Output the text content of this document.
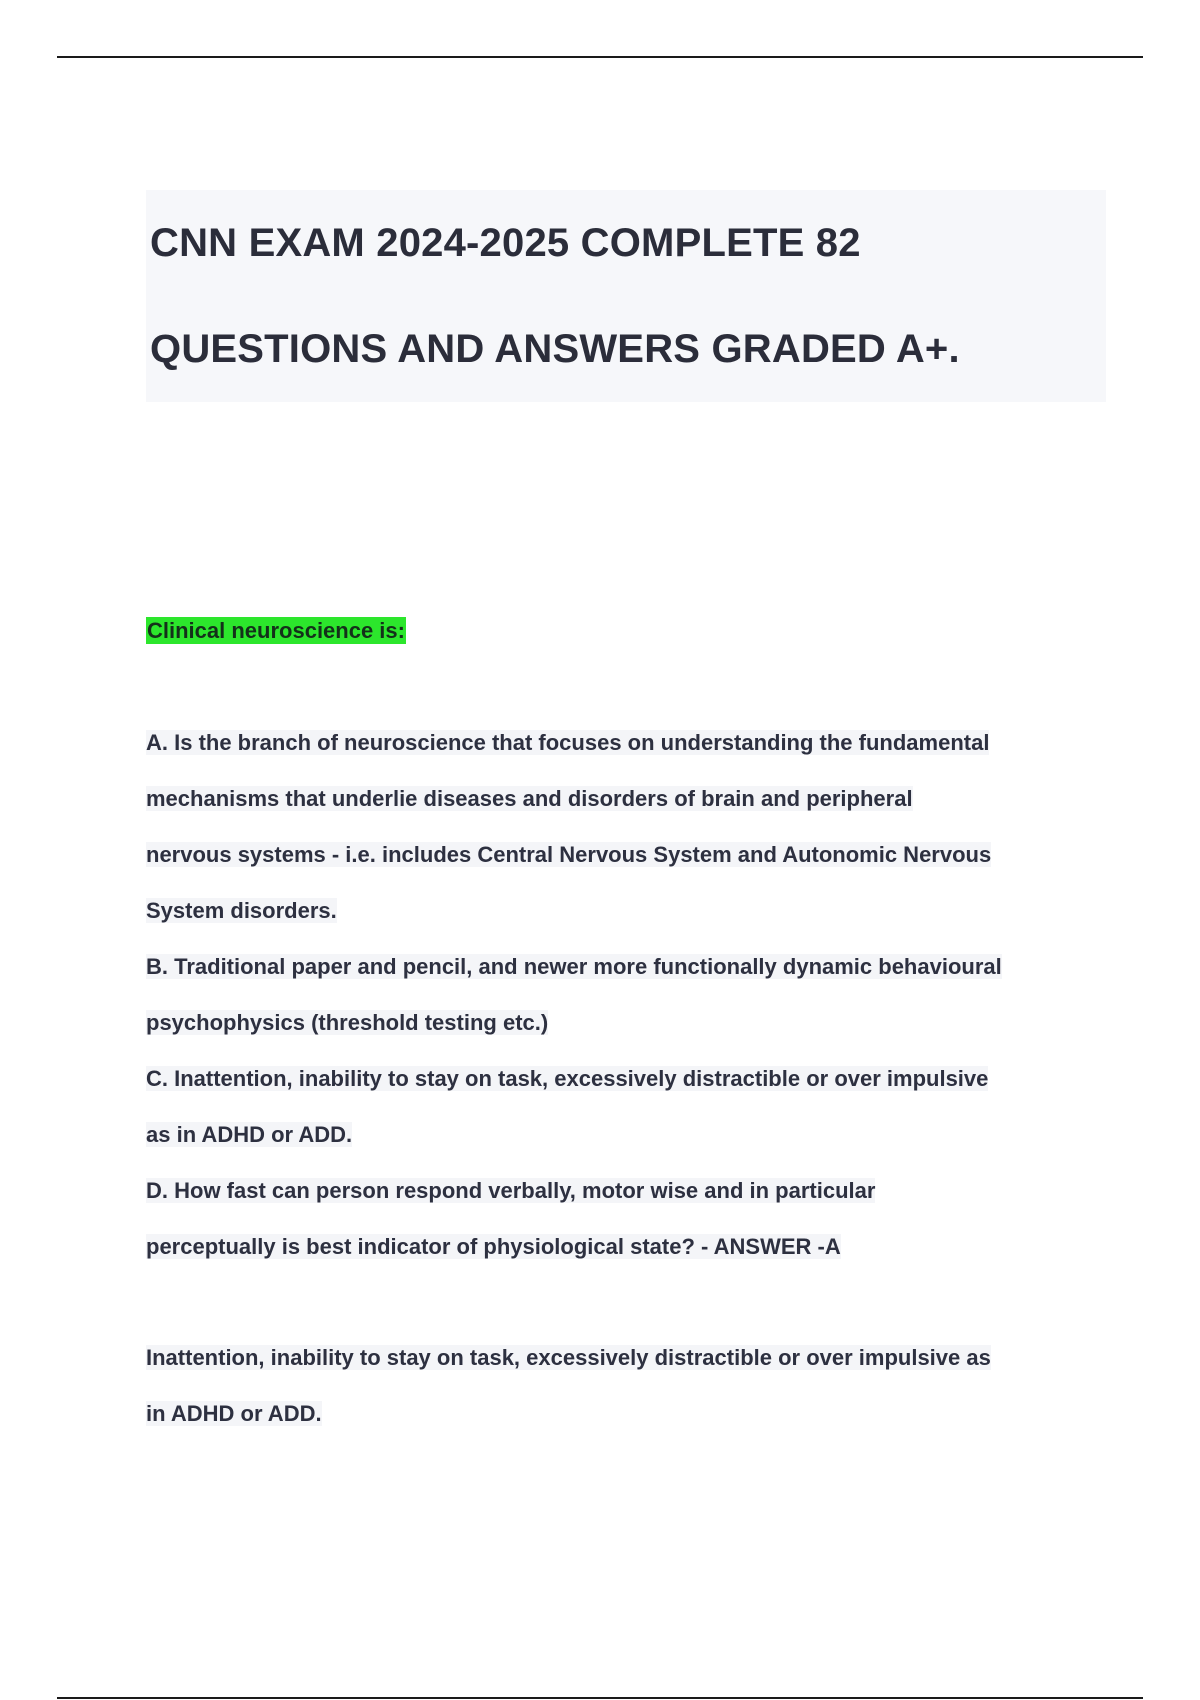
CNN EXAM 2024-2025 COMPLETE 82
QUESTIONS AND ANSWERS GRADED A+.

Clinical neuroscience is:

A. Is the branch of neuroscience that focuses on understanding the fundamental
mechanisms that underlie diseases and disorders of brain and peripheral
nervous systems - i.e. includes Central Nervous System and Autonomic Nervous
System disorders.
B. Traditional paper and pencil, and newer more functionally dynamic behavioural
psychophysics (threshold testing etc.)
C. Inattention, inability to stay on task, excessively distractible or over impulsive
as in ADHD or ADD.
D. How fast can person respond verbally, motor wise and in particular
perceptually is best indicator of physiological state? - ANSWER -A
Inattention, inability to stay on task, excessively distractible or over impulsive as
in ADHD or ADD.
